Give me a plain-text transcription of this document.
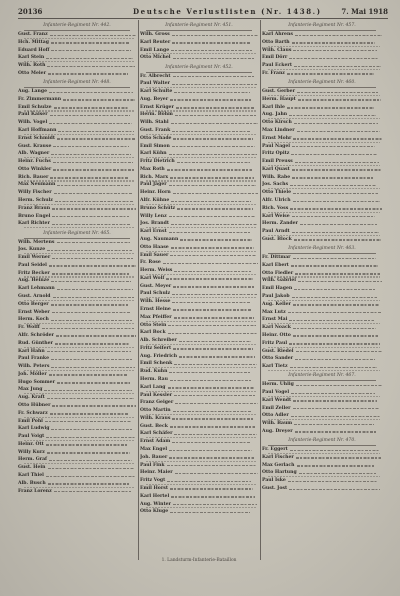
20136	Deutsche Verlustlisten (Nr. 1438.)	7. Mai 1918
Infanterie-Regiment Nr. 442.
Gust. Franz
Hch. Mittag
Eduard Hoff
Karl Stein
Wilh. Roth
Otto Meier
Infanterie-Regiment Nr. 448.
Aug. Lange
Fr. Zimmermann
Emil Schulze
Paul Kaiser
Wilh. Vogel
Karl Hoffmann
Ernst Schmidt
Gust. Krause
Alb. Wagner
Heinr. Fuchs
Otto Winkler
Rich. Bauer
Max Neumann
Willy Fischer
Herm. Schulz
Franz Braun
Bruno Engel
Karl Richter
Infanterie-Regiment Nr. 465.
Wilh. Mertens
Jos. Kunze
Emil Werner
Paul Seidel
Fritz Becker
Aug. Heinze
Karl Lehmann
Gust. Arnold
Otto Berger
Ernst Weber
Herm. Koch
Fr. Wolff
Alfr. Schröder
Rud. Günther
Karl Hahn
Paul Franke
Wilh. Peters
Joh. Möller
Hugo Sommer
Max Jung
Aug. Kraft
Otto Hübner
Fr. Schwarz
Emil Pohl
Karl Ludwig
Paul Voigt
Heinr. Ott
Willy Kurz
Herm. Graf
Gust. Hein
Karl Thiel
Alb. Busch
Franz Lorenz
Infanterie-Regiment Nr. 451.
Wilh. Gross
Karl Reuter
Emil Lange
Otto Michel
Infanterie-Regiment Nr. 452.
Fr. Albrecht
Paul Walter
Karl Schulte
Aug. Beyer
Ernst Krüger
Herm. Böhm
Wilh. Stahl
Gust. Frank
Otto Schade
Emil Simon
Karl Kühn
Fritz Dietrich
Max Roth
Rich. Marx
Paul Jäger
Heinr. Horn
Alfr. Kühne
Bruno Schütz
Willy Lenz
Jos. Brandt
Karl Ernst
Aug. Naumann
Otto Haase
Emil Sauer
Fr. Rose
Herm. Weiss
Karl Wolf
Gust. Meyer
Paul Schulz
Wilh. Hesse
Ernst Heine
Max Pfeiffer
Otto Stein
Karl Bock
Alb. Schreiber
Fritz Seifert
Aug. Friedrich
Emil Schenk
Rud. Kuhn
Herm. Rau
Karl Lang
Paul Kessler
Franz Geiger
Otto Martin
Wilh. Kraus
Gust. Beck
Karl Schäfer
Ernst Adam
Max Engel
Joh. Bauer
Paul Fink
Heinr. Maier
Fritz Vogt
Emil Horst
Karl Hertel
Aug. Winter
Otto Kluge
Infanterie-Regiment Nr. 457.
Karl Ahrens
Otto Barth
Wilh. Claus
Emil Dörr
Paul Eckert
Fr. Franz
Infanterie-Regiment Nr. 460.
Gust. Gerber
Herm. Haupt
Karl Ihle
Aug. Jahn
Otto Kirsch
Max Lindner
Ernst Mohr
Paul Nagel
Fritz Opitz
Emil Preuss
Karl Quast
Wilh. Rabe
Jos. Sachs
Otto Thiele
Alfr. Ulrich
Rich. Voss
Karl Weise
Herm. Zander
Paul Arndt
Gust. Block
Infanterie-Regiment Nr. 463.
Fr. Dittmar
Karl Ebert
Otto Fiedler
Wilh. Gabriel
Emil Hagen
Paul Jakob
Aug. Keller
Max Lutz
Ernst Mai
Karl Noack
Heinr. Otto
Fritz Paul
Gust. Riedel
Otto Sander
Karl Tietz
Infanterie-Regiment Nr. 467.
Herm. Uhlig
Paul Vogel
Karl Wendt
Emil Zeller
Otto Adler
Wilh. Baum
Aug. Dreyer
Infanterie-Regiment Nr. 470.
Fr. Eggert
Karl Fischer
Max Gerlach
Otto Hartung
Paul Iske
Gust. Jost
1. Landsturm-Infanterie-Bataillon
